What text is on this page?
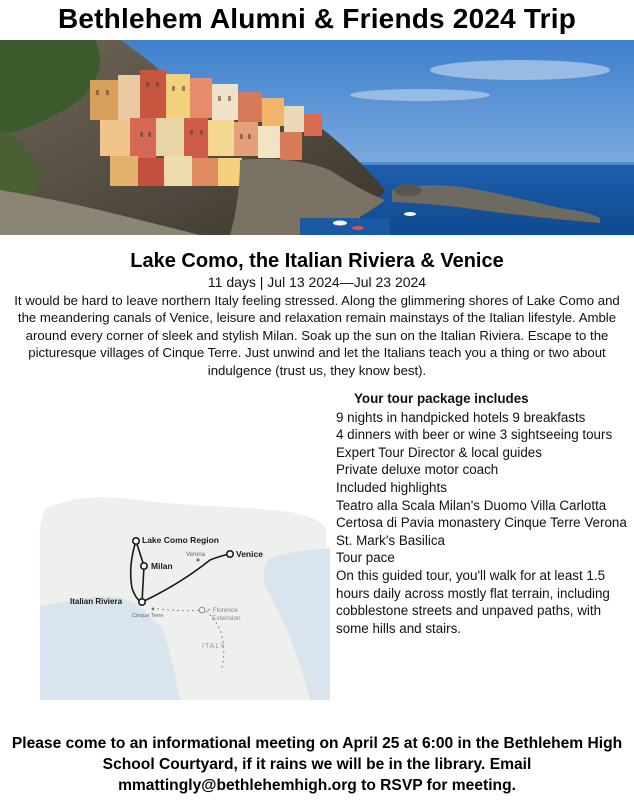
Bethlehem Alumni & Friends 2024 Trip
Lake Como, the Italian Riviera & Venice
11 days | Jul 13 2024—Jul 23 2024
It would be hard to leave northern Italy feeling stressed. Along the glimmering shores of Lake Como and the meandering canals of Venice, leisure and relaxation remain mainstays of the Italian lifestyle. Amble around every corner of sleek and stylish Milan. Soak up the sun on the Italian Riviera. Escape to the picturesque villages of Cinque Terre. Just unwind and let the Italians teach you a thing or two about indulgence (trust us, they know best).
Lake Como Region
Milan
Verona	Venice
Italian Riviera
Cinque Terre
+ Florence
Extension
ITALY
Your tour package includes
9 nights in handpicked hotels 9 breakfasts
4 dinners with beer or wine 3 sightseeing tours
Expert Tour Director & local guides
Private deluxe motor coach
Included highlights
Teatro alla Scala Milan's Duomo Villa Carlotta
Certosa di Pavia monastery Cinque Terre Verona
St. Mark's Basilica
Tour pace
On this guided tour, you'll walk for at least 1.5 hours daily across mostly flat terrain, including cobblestone streets and unpaved paths, with some hills and stairs.
Please come to an informational meeting on April 25 at 6:00 in the Bethlehem High School Courtyard, if it rains we will be in the library. Email mmattingly@bethlehemhigh.org to RSVP for meeting.
